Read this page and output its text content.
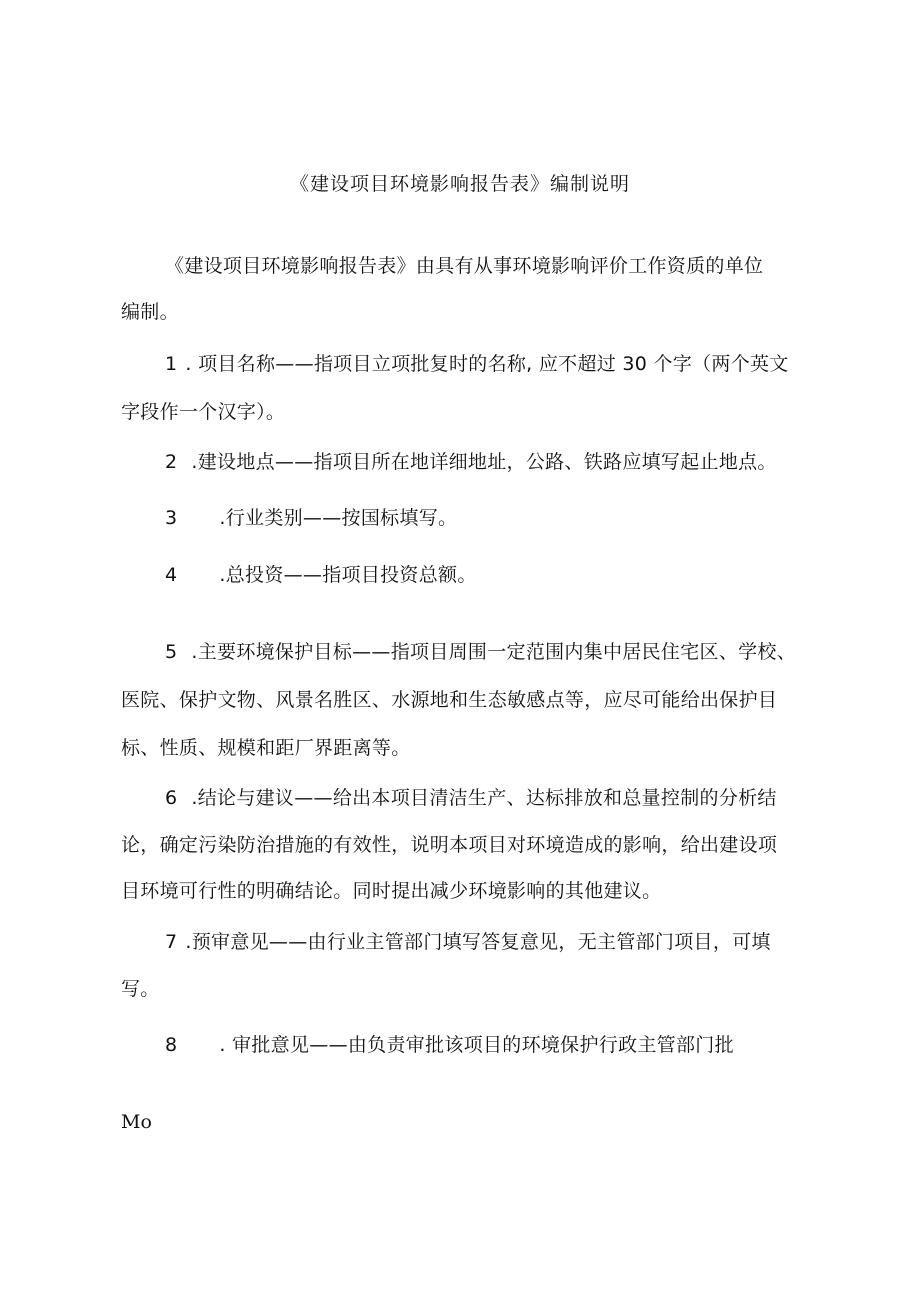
《建设项目环境影响报告表》编制说明
《建设项目环境影响报告表》由具有从事环境影响评价工作资质的单位
编制。
1 . 项目名称——指项目立项批复时的名称, 应不超过 30 个字（两个英文
字段作一个汉字）。
2 .建设地点——指项目所在地详细地址，公路、铁路应填写起止地点。
3 .行业类别——按国标填写。
4 .总投资——指项目投资总额。
5 .主要环境保护目标——指项目周围一定范围内集中居民住宅区、学校、
医院、保护文物、风景名胜区、水源地和生态敏感点等，应尽可能给出保护目
标、性质、规模和距厂界距离等。
6 .结论与建议——给出本项目清洁生产、达标排放和总量控制的分析结
论，确定污染防治措施的有效性，说明本项目对环境造成的影响，给出建设项
目环境可行性的明确结论。同时提出减少环境影响的其他建议。
7 .预审意见——由行业主管部门填写答复意见，无主管部门项目，可填
写。
8 . 审批意见——由负责审批该项目的环境保护行政主管部门批
Mo
